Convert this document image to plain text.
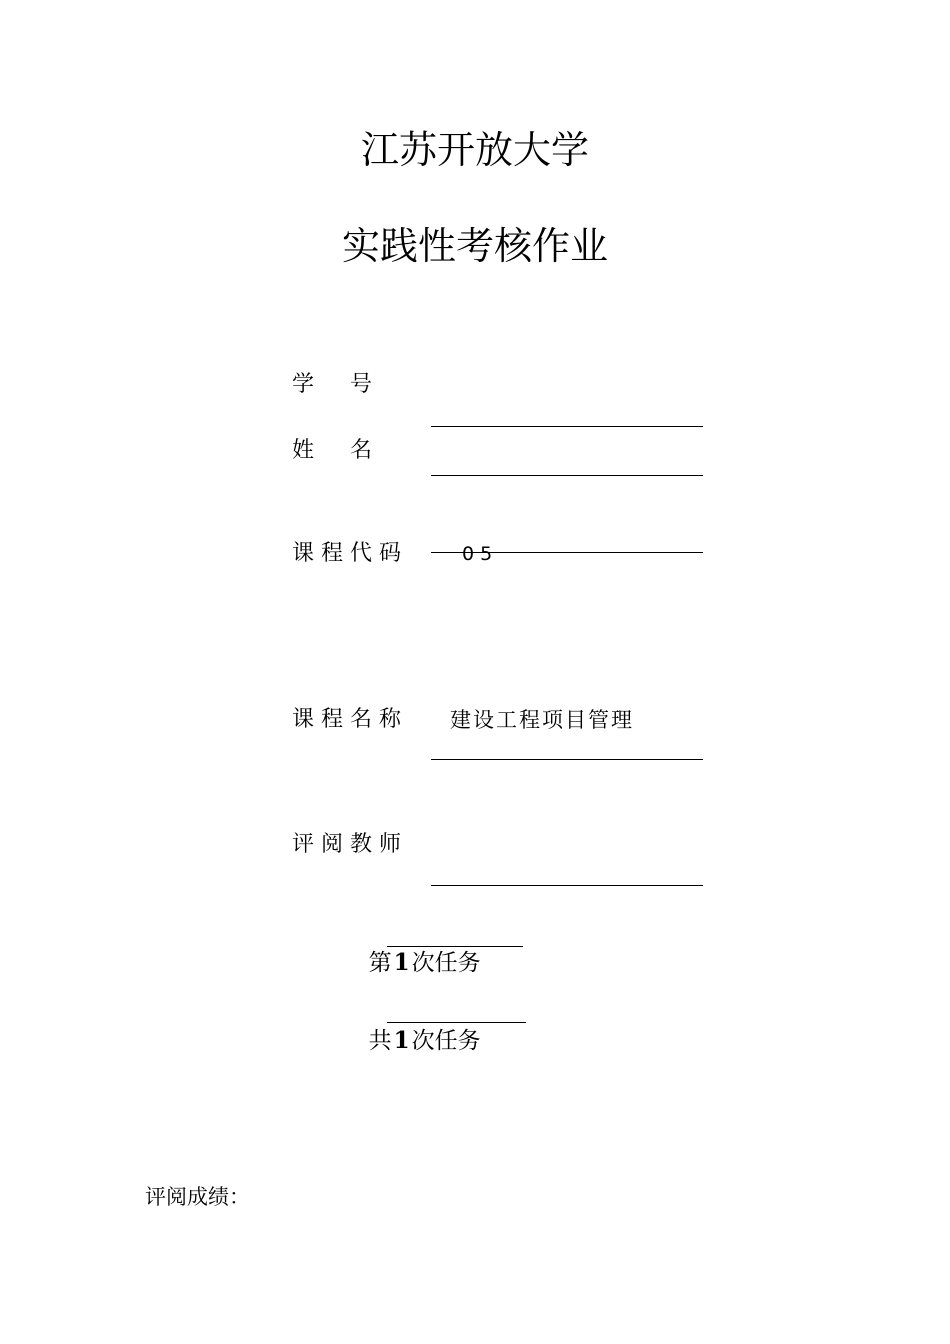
江苏开放大学
实践性考核作业
学 　 号
姓 　 名
课 程 代 码	0 5
课 程 名 称 建设工程项目管理
评 阅 教 师

第1次任务

共1次任务

评阅成绩：
